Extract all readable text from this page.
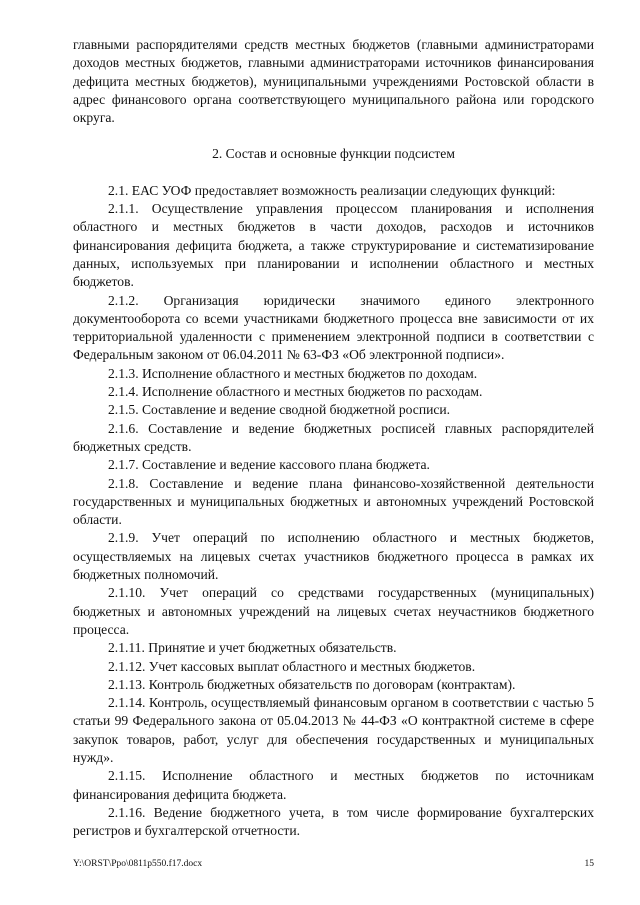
главными распорядителями средств местных бюджетов (главными администраторами доходов местных бюджетов, главными администраторами источников финансирования дефицита местных бюджетов), муниципальными учреждениями Ростовской области в адрес финансового органа соответствующего муниципального района или городского округа.

2. Состав и основные функции подсистем

2.1. ЕАС УОФ предоставляет возможность реализации следующих функций:

2.1.1. Осуществление управления процессом планирования и исполнения областного и местных бюджетов в части доходов, расходов и источников финансирования дефицита бюджета, а также структурирование и систематизирование данных, используемых при планировании и исполнении областного и местных бюджетов.

2.1.2. Организация юридически значимого единого электронного документооборота со всеми участниками бюджетного процесса вне зависимости от их территориальной удаленности с применением электронной подписи в соответствии с Федеральным законом от 06.04.2011 № 63-ФЗ «Об электронной подписи».

2.1.3. Исполнение областного и местных бюджетов по доходам.

2.1.4. Исполнение областного и местных бюджетов по расходам.

2.1.5. Составление и ведение сводной бюджетной росписи.

2.1.6. Составление и ведение бюджетных росписей главных распорядителей бюджетных средств.

2.1.7. Составление и ведение кассового плана бюджета.

2.1.8. Составление и ведение плана финансово-хозяйственной деятельности государственных и муниципальных бюджетных и автономных учреждений Ростовской области.

2.1.9. Учет операций по исполнению областного и местных бюджетов, осуществляемых на лицевых счетах участников бюджетного процесса в рамках их бюджетных полномочий.

2.1.10. Учет операций со средствами государственных (муниципальных) бюджетных и автономных учреждений на лицевых счетах неучастников бюджетного процесса.

2.1.11. Принятие и учет бюджетных обязательств.

2.1.12. Учет кассовых выплат областного и местных бюджетов.

2.1.13. Контроль бюджетных обязательств по договорам (контрактам).

2.1.14. Контроль, осуществляемый финансовым органом в соответствии с частью 5 статьи 99 Федерального закона от 05.04.2013 № 44-ФЗ «О контрактной системе в сфере закупок товаров, работ, услуг для обеспечения государственных и муниципальных нужд».

2.1.15. Исполнение областного и местных бюджетов по источникам финансирования дефицита бюджета.

2.1.16. Ведение бюджетного учета, в том числе формирование бухгалтерских регистров и бухгалтерской отчетности.

Y:\ORST\Ppo\0811p550.f17.docx	15
